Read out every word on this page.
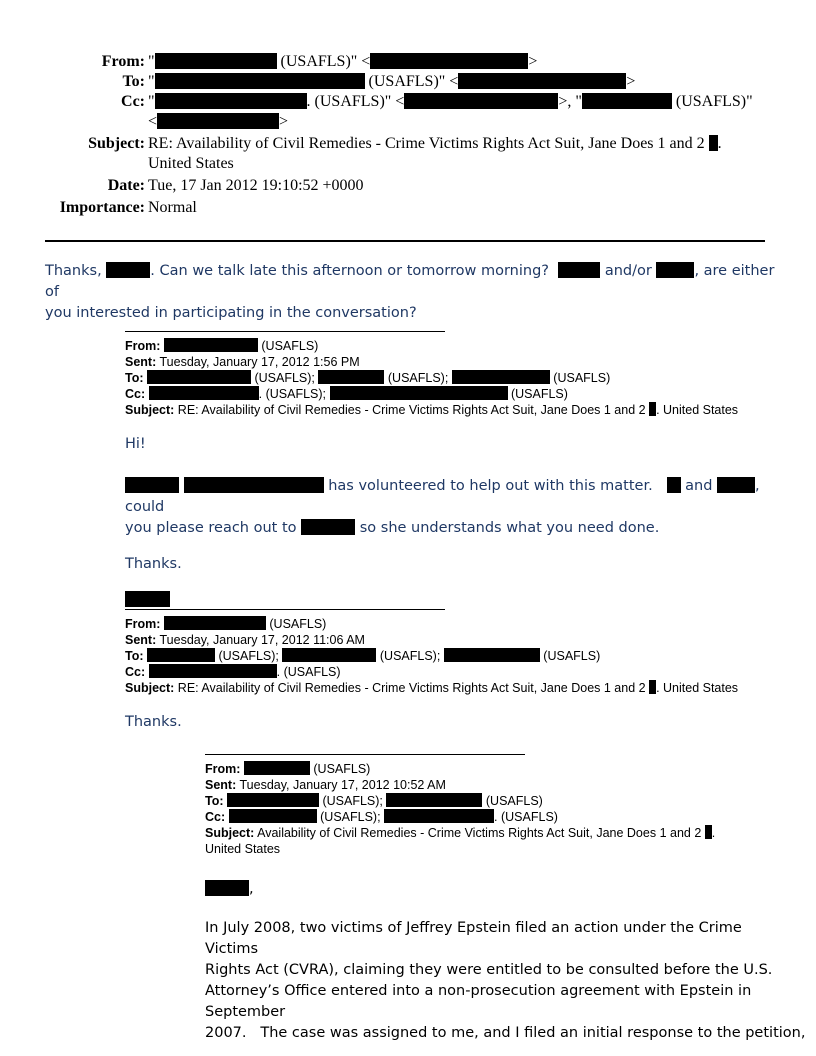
From: "	(USAFLS)" <	>
To: "	(USAFLS)" <	>
Cc: "	. (USAFLS)" <	>, "	(USAFLS)"
<	>
Subject: RE: Availability of Civil Remedies - Crime Victims Rights Act Suit, Jane Does 1 and 2 .
United States
Date: Tue, 17 Jan 2012 19:10:52 +0000
Importance: Normal
Thanks,	. Can we talk late this afternoon or tomorrow morning?	and/or	, are either of
you interested in participating in the conversation?
From:	(USAFLS)
Sent: Tuesday, January 17, 2012 1:56 PM
To:	(USAFLS);	(USAFLS);	(USAFLS)
Cc:	. (USAFLS);	(USAFLS)
Subject: RE: Availability of Civil Remedies - Crime Victims Rights Act Suit, Jane Does 1 and 2 . United States
Hi!
has volunteered to help out with this matter. and	, could
you please reach out to	so she understands what you need done.
Thanks.
From:	(USAFLS)
Sent: Tuesday, January 17, 2012 11:06 AM
To:	(USAFLS);	(USAFLS);	(USAFLS)
Cc:	. (USAFLS)
Subject: RE: Availability of Civil Remedies - Crime Victims Rights Act Suit, Jane Does 1 and 2 . United States
Thanks.
From:	(USAFLS)
Sent: Tuesday, January 17, 2012 10:52 AM
To:	(USAFLS);	(USAFLS)
Cc:	(USAFLS);	. (USAFLS)
Subject: Availability of Civil Remedies - Crime Victims Rights Act Suit, Jane Does 1 and 2 .
United States
,
In July 2008, two victims of Jeffrey Epstein filed an action under the Crime Victims
Rights Act (CVRA), claiming they were entitled to be consulted before the U.S.
Attorney’s Office entered into a non-prosecution agreement with Epstein in September
2007.   The case was assigned to me, and I filed an initial response to the petition,
